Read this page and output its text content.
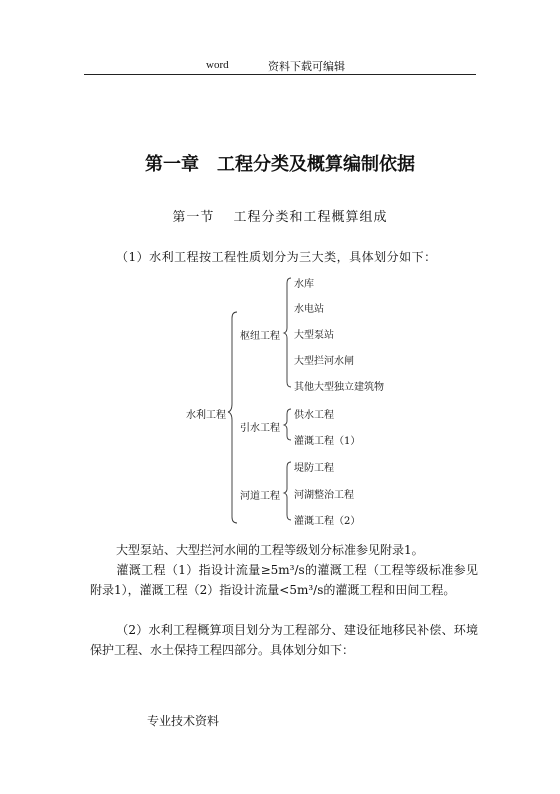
word	资料下载可编辑
第一章　工程分类及概算编制依据
第一节　 工程分类和工程概算组成
（1）水利工程按工程性质划分为三大类，具体划分如下：
水利工程
枢纽工程
引水工程
河道工程
水库
水电站
大型泵站
大型拦河水闸
其他大型独立建筑物
供水工程
灌溉工程（1）
堤防工程
河湖整治工程
灌溉工程（2）
大型泵站、大型拦河水闸的工程等级划分标准参见附录1。
灌溉工程（1）指设计流量≥5m³/s的灌溉工程（工程等级标准参见附录1），灌溉工程（2）指设计流量<5m³/s的灌溉工程和田间工程。
（2）水利工程概算项目划分为工程部分、建设征地移民补偿、环境保护工程、水土保持工程四部分。具体划分如下：
专业技术资料
